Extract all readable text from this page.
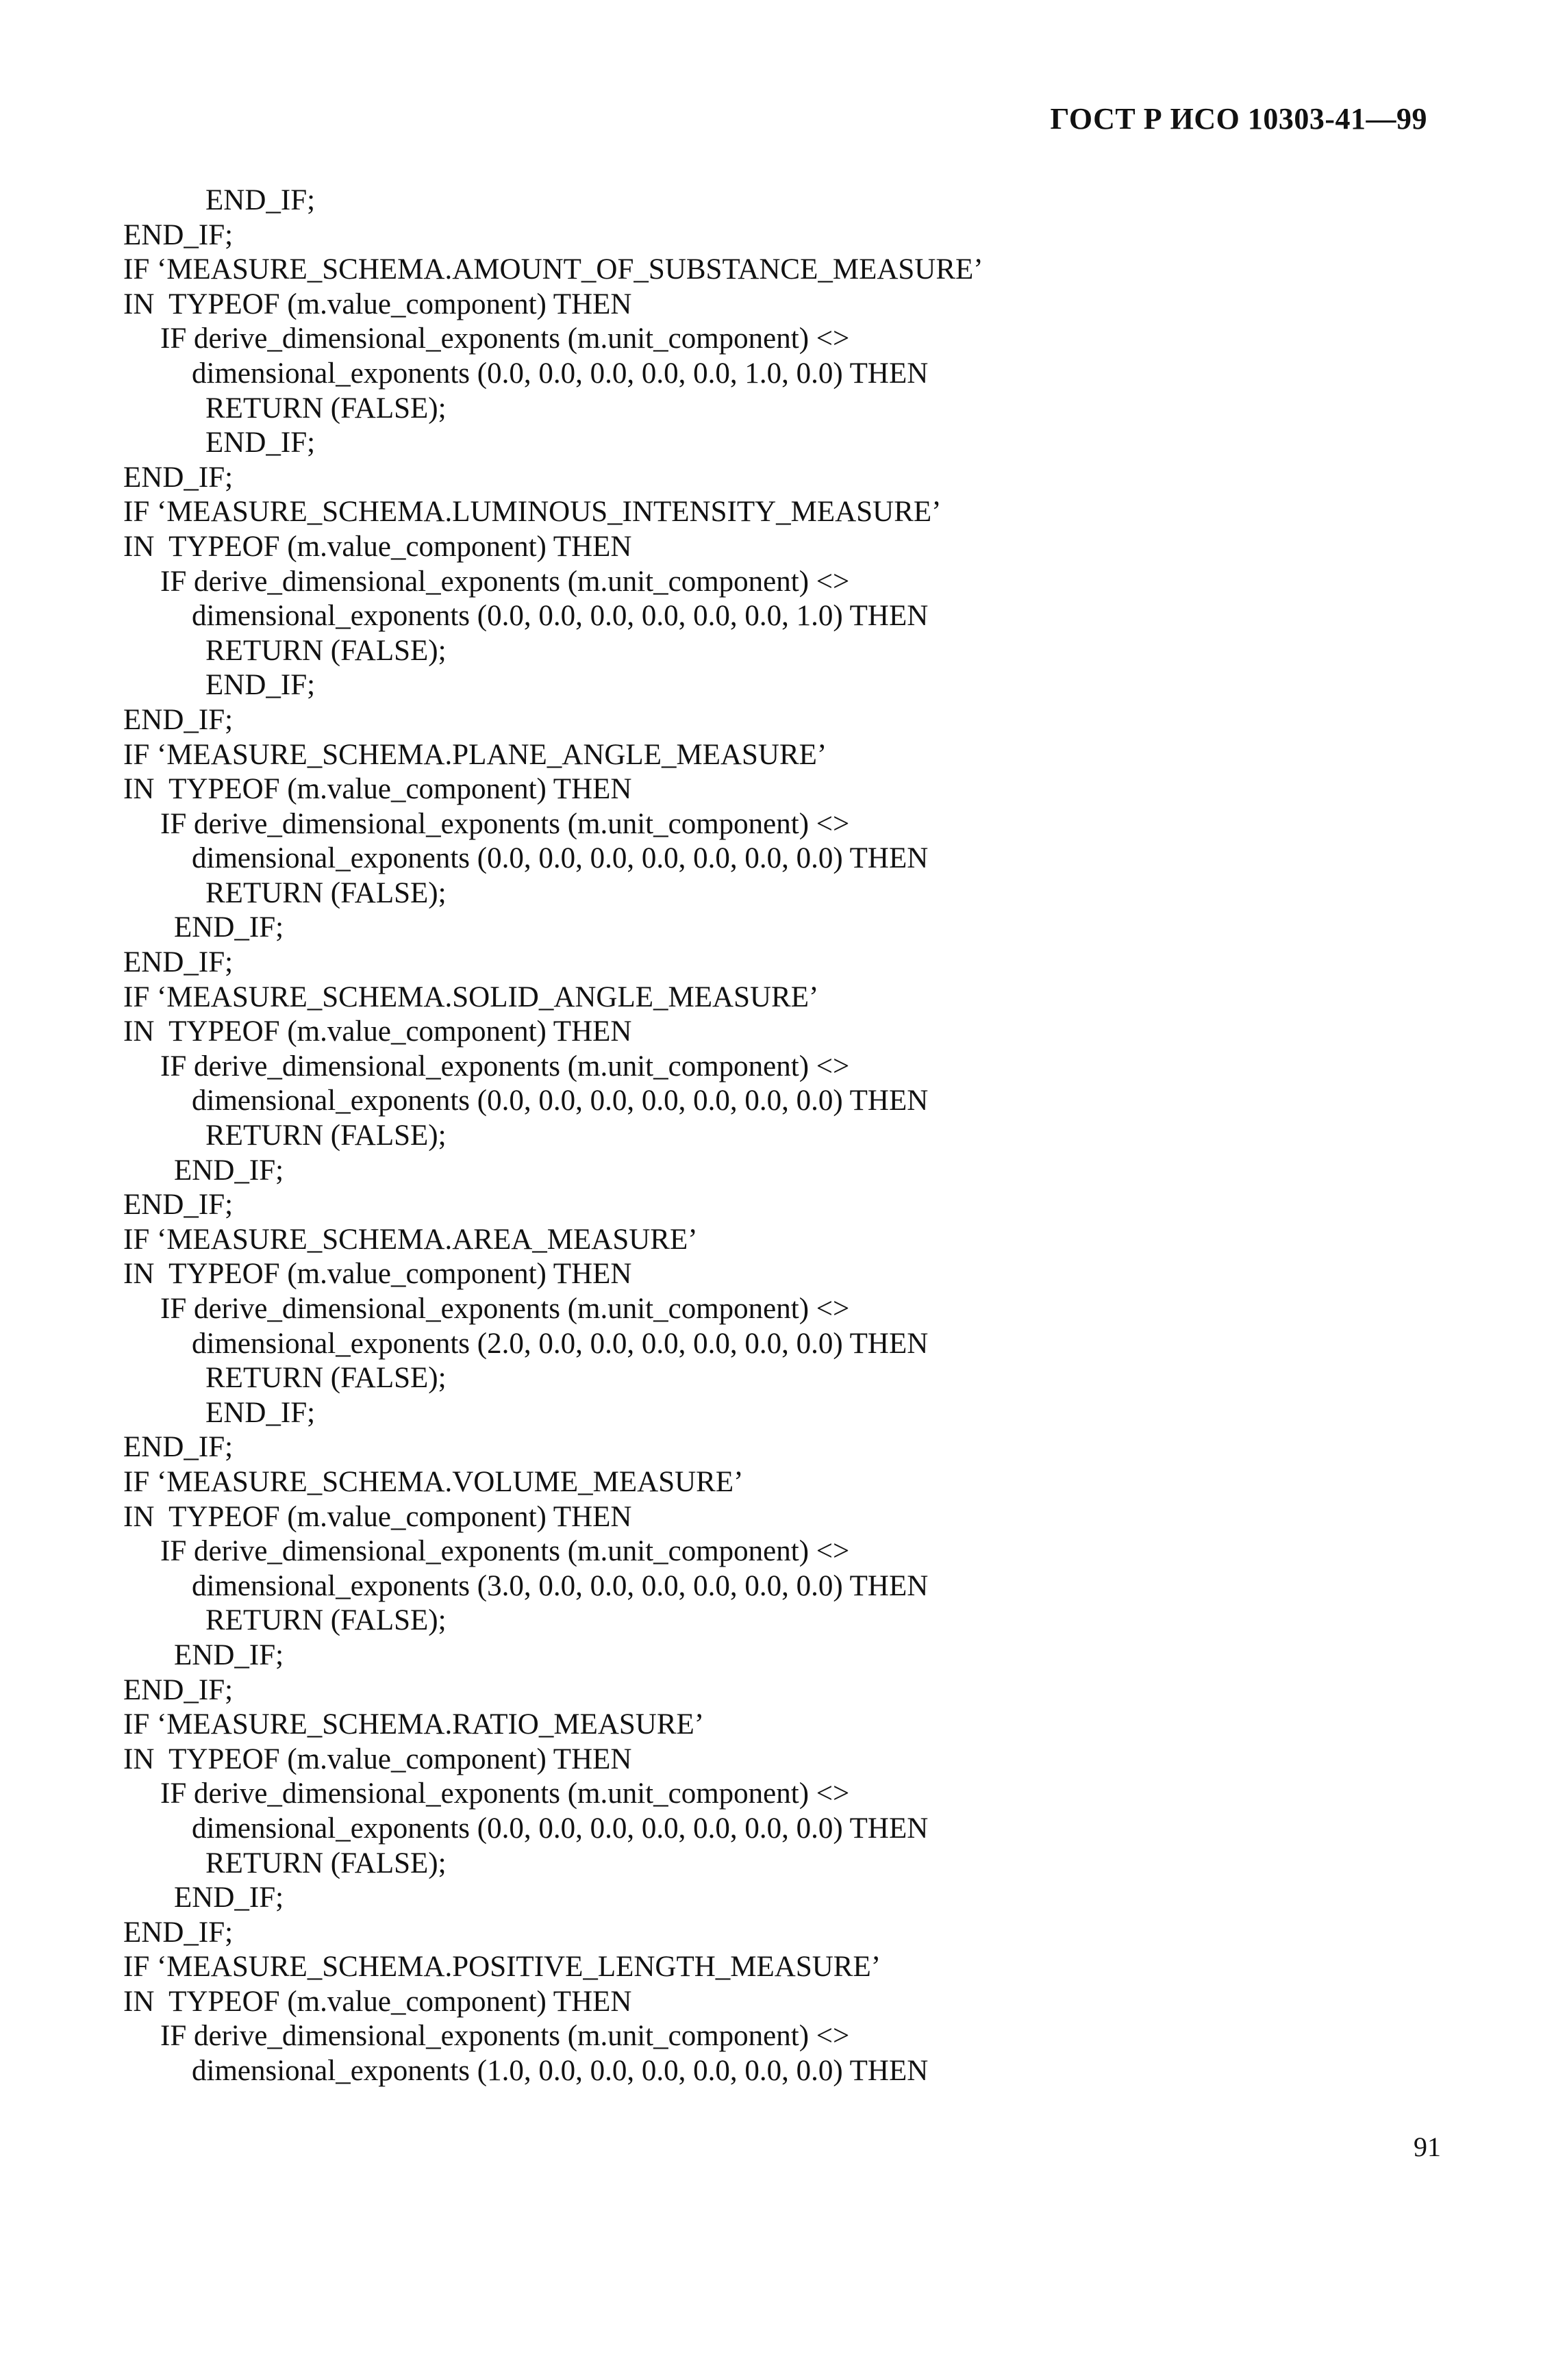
ГОСТ Р ИСО 10303-41—99
END_IF;
END_IF;
IF ‘MEASURE_SCHEMA.AMOUNT_OF_SUBSTANCE_MEASURE’
IN  TYPEOF (m.value_component) THEN
IF derive_dimensional_exponents (m.unit_component) <>
dimensional_exponents (0.0, 0.0, 0.0, 0.0, 0.0, 1.0, 0.0) THEN
RETURN (FALSE);
END_IF;
END_IF;
IF ‘MEASURE_SCHEMA.LUMINOUS_INTENSITY_MEASURE’
IN  TYPEOF (m.value_component) THEN
IF derive_dimensional_exponents (m.unit_component) <>
dimensional_exponents (0.0, 0.0, 0.0, 0.0, 0.0, 0.0, 1.0) THEN
RETURN (FALSE);
END_IF;
END_IF;
IF ‘MEASURE_SCHEMA.PLANE_ANGLE_MEASURE’
IN  TYPEOF (m.value_component) THEN
IF derive_dimensional_exponents (m.unit_component) <>
dimensional_exponents (0.0, 0.0, 0.0, 0.0, 0.0, 0.0, 0.0) THEN
RETURN (FALSE);
END_IF;
END_IF;
IF ‘MEASURE_SCHEMA.SOLID_ANGLE_MEASURE’
IN  TYPEOF (m.value_component) THEN
IF derive_dimensional_exponents (m.unit_component) <>
dimensional_exponents (0.0, 0.0, 0.0, 0.0, 0.0, 0.0, 0.0) THEN
RETURN (FALSE);
END_IF;
END_IF;
IF ‘MEASURE_SCHEMA.AREA_MEASURE’
IN  TYPEOF (m.value_component) THEN
IF derive_dimensional_exponents (m.unit_component) <>
dimensional_exponents (2.0, 0.0, 0.0, 0.0, 0.0, 0.0, 0.0) THEN
RETURN (FALSE);
END_IF;
END_IF;
IF ‘MEASURE_SCHEMA.VOLUME_MEASURE’
IN  TYPEOF (m.value_component) THEN
IF derive_dimensional_exponents (m.unit_component) <>
dimensional_exponents (3.0, 0.0, 0.0, 0.0, 0.0, 0.0, 0.0) THEN
RETURN (FALSE);
END_IF;
END_IF;
IF ‘MEASURE_SCHEMA.RATIO_MEASURE’
IN  TYPEOF (m.value_component) THEN
IF derive_dimensional_exponents (m.unit_component) <>
dimensional_exponents (0.0, 0.0, 0.0, 0.0, 0.0, 0.0, 0.0) THEN
RETURN (FALSE);
END_IF;
END_IF;
IF ‘MEASURE_SCHEMA.POSITIVE_LENGTH_MEASURE’
IN  TYPEOF (m.value_component) THEN
IF derive_dimensional_exponents (m.unit_component) <>
dimensional_exponents (1.0, 0.0, 0.0, 0.0, 0.0, 0.0, 0.0) THEN
91
